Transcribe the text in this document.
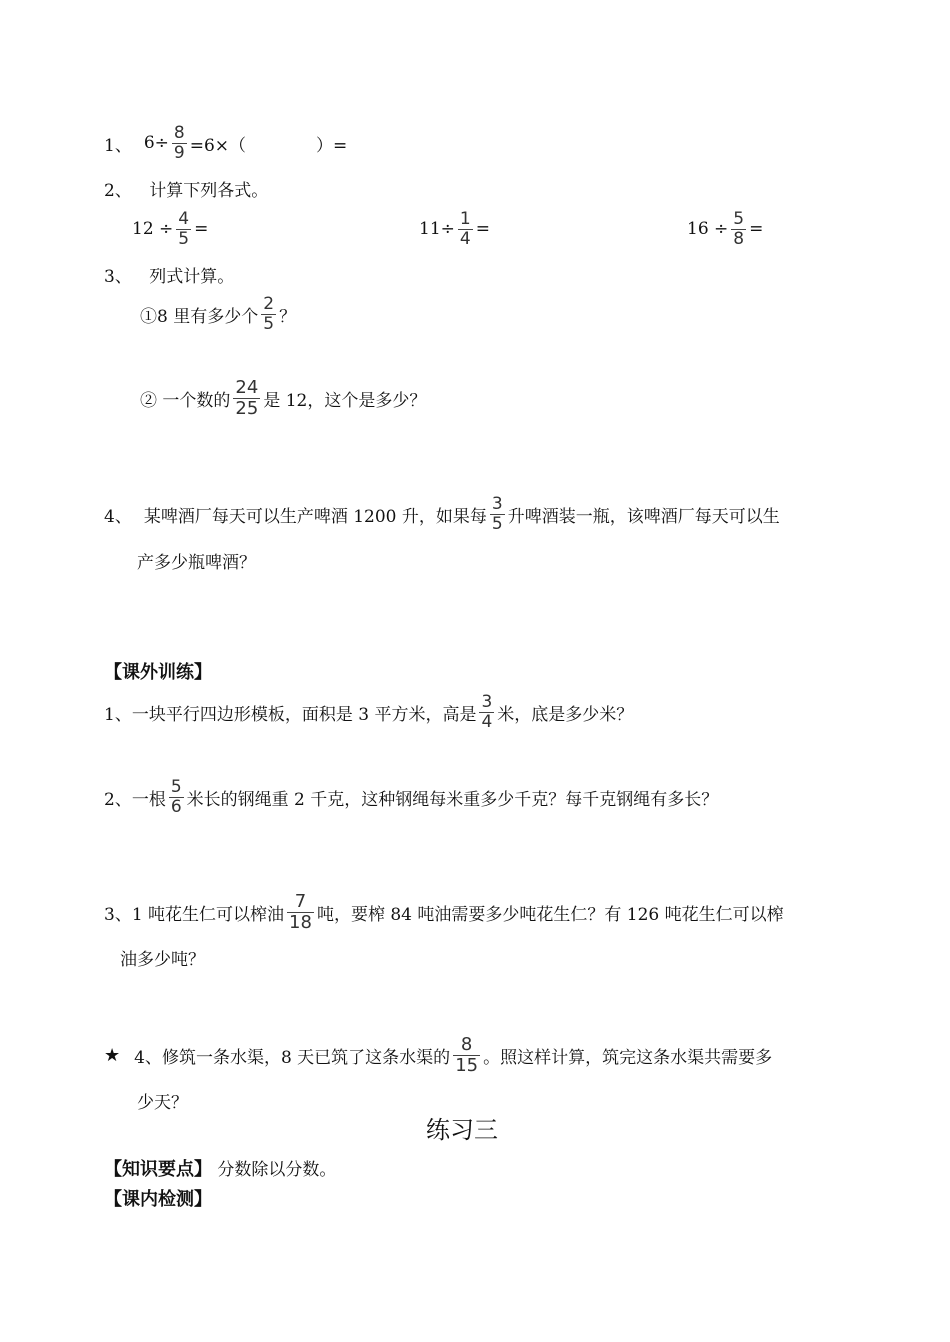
1、 $6\div \frac{8}{9} =6\times$（	）=
2、 计算下列各式。
$12 \div \frac{4}{5}$ =	$11\div \frac{1}{4}$ =	$16 \div \frac{5}{8}$ =
3、 列式计算。
①8 里有多少个 $\frac{2}{5}$ ？
② 一个数的 $\frac{24}{25}$ 是 12，这个是多少？
4、 某啤酒厂每天可以生产啤酒 1200 升，如果每 $\frac{3}{5}$ 升啤酒装一瓶，该啤酒厂每天可以生
产多少瓶啤酒？
【课外训练】
1、一块平行四边形模板，面积是 3 平方米，高是 $\frac{3}{4}$ 米，底是多少米？
2、一根 $\frac{5}{6}$ 米长的钢绳重 2 千克，这种钢绳每米重多少千克？每千克钢绳有多长？
3、1 吨花生仁可以榨油 $\frac{7}{18}$ 吨，要榨 84 吨油需要多少吨花生仁？有 126 吨花生仁可以榨
油多少吨？
★ 4、修筑一条水渠，8 天已筑了这条水渠的 $\frac{8}{15}$ 。照这样计算，筑完这条水渠共需要多
少天？
练习三
【知识要点】 分数除以分数。
【课内检测】
